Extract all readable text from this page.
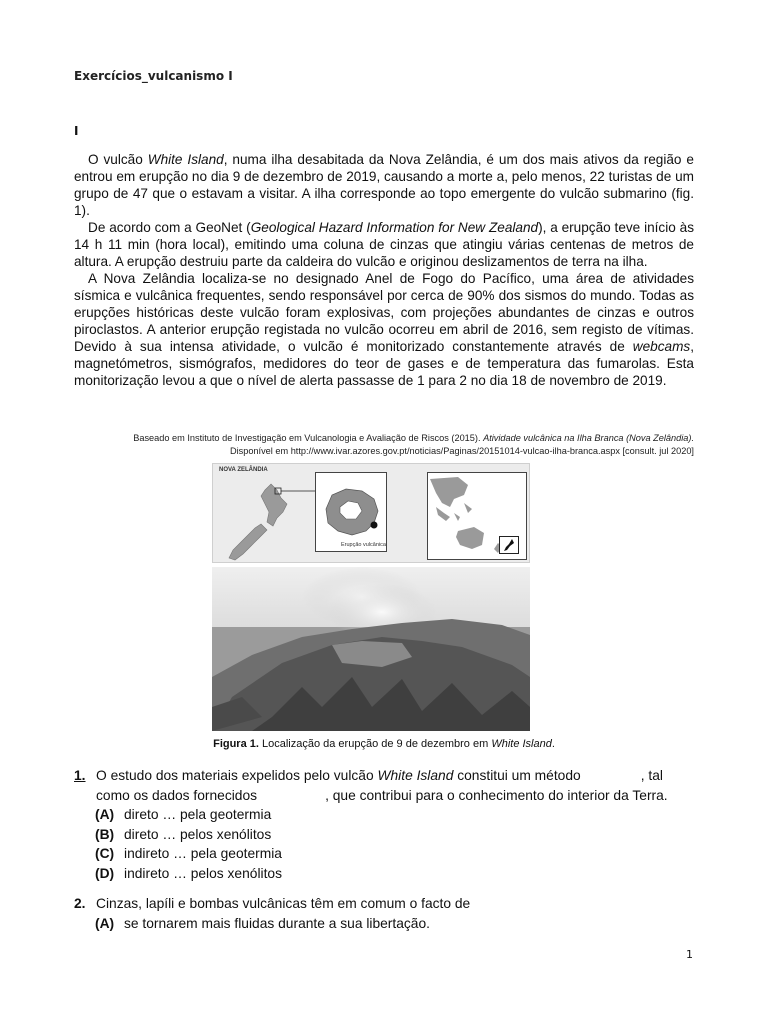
Exercícios_vulcanismo I
I

O vulcão White Island, numa ilha desabitada da Nova Zelândia, é um dos mais ativos da região e entrou em erupção no dia 9 de dezembro de 2019, causando a morte a, pelo menos, 22 turistas de um grupo de 47 que o estavam a visitar. A ilha corresponde ao topo emergente do vulcão submarino (fig. 1).

De acordo com a GeoNet (Geological Hazard Information for New Zealand), a erupção teve início às 14 h 11 min (hora local), emitindo uma coluna de cinzas que atingiu várias centenas de metros de altura. A erupção destruiu parte da caldeira do vulcão e originou deslizamentos de terra na ilha.

A Nova Zelândia localiza-se no designado Anel de Fogo do Pacífico, uma área de atividades sísmica e vulcânica frequentes, sendo responsável por cerca de 90% dos sismos do mundo. Todas as erupções históricas deste vulcão foram explosivas, com projeções abundantes de cinzas e outros piroclastos. A anterior erupção registada no vulcão ocorreu em abril de 2016, sem registo de vítimas. Devido à sua intensa atividade, o vulcão é monitorizado constantemente através de webcams, magnetómetros, sismógrafos, medidores do teor de gases e de temperatura das fumarolas. Esta monitorização levou a que o nível de alerta passasse de 1 para 2 no dia 18 de novembro de 2019.

Baseado em Instituto de Investigação em Vulcanologia e Avaliação de Riscos (2015). Atividade vulcânica na Ilha Branca (Nova Zelândia).
Disponível em http://www.ivar.azores.gov.pt/noticias/Paginas/20151014-vulcao-ilha-branca.aspx [consult. jul 2020]
NOVA ZELÂNDIA
Erupção vulcânica
Figura 1. Localização da erupção de 9 de dezembro em White Island.
1. O estudo dos materiais expelidos pelo vulcão White Island constitui um método	, tal como os dados fornecidos	, que contribui para o conhecimento do interior da Terra.
(A) direto … pela geotermia
(B) direto … pelos xenólitos
(C) indireto … pela geotermia
(D) indireto … pelos xenólitos
2. Cinzas, lapíli e bombas vulcânicas têm em comum o facto de
(A) se tornarem mais fluidas durante a sua libertação.
1
